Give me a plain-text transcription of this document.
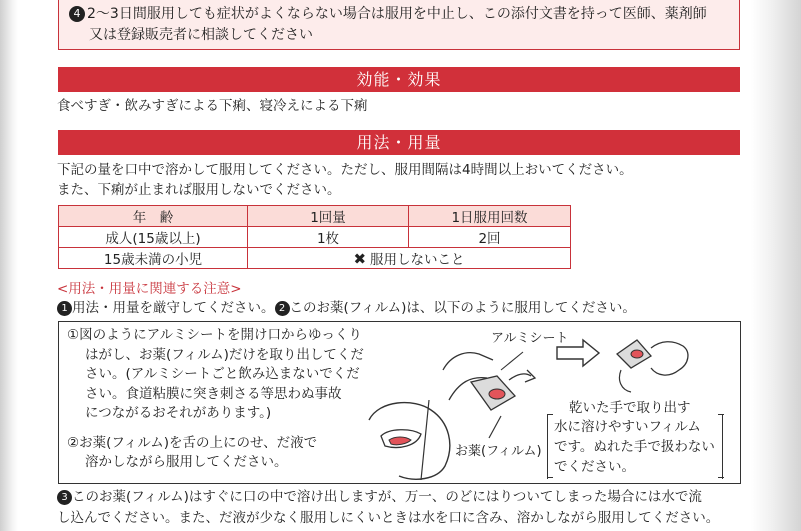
4 2～3日間服用しても症状がよくならない場合は服用を中止し、この添付文書を持って医師、薬剤師
又は登録販売者に相談してください
効能・効果
食べすぎ・飲みすぎによる下痢、寝冷えによる下痢
用法・用量
下記の量を口中で溶かして服用してください。ただし、服用間隔は4時間以上おいてください。
また、下痢が止まれば服用しないでください。
年　齢	1回量	1日服用回数
成人(15歳以上)	1枚	2回
15歳未満の小児	✖ 服用しないこと	
<用法・用量に関連する注意>
1 用法・用量を厳守してください。 2 このお薬(フィルム)は、以下のように服用してください。
①図のようにアルミシートを開け口からゆっくり
はがし、お薬(フィルム)だけを取り出してくだ
さい。(アルミシートごと飲み込まないでくだ
さい。食道粘膜に突き刺さる等思わぬ事故
につながるおそれがあります。)
②お薬(フィルム)を舌の上にのせ、だ液で
溶かしながら服用してください。
アルミシート
お薬(フィルム)
乾いた手で取り出す
水に溶けやすいフィルム
です。ぬれた手で扱わない
でください。
3 このお薬(フィルム)はすぐに口の中で溶け出しますが、万一、のどにはりついてしまった場合には水で流
し込んでください。また、だ液が少なく服用しにくいときは水を口に含み、溶かしながら服用してください。
